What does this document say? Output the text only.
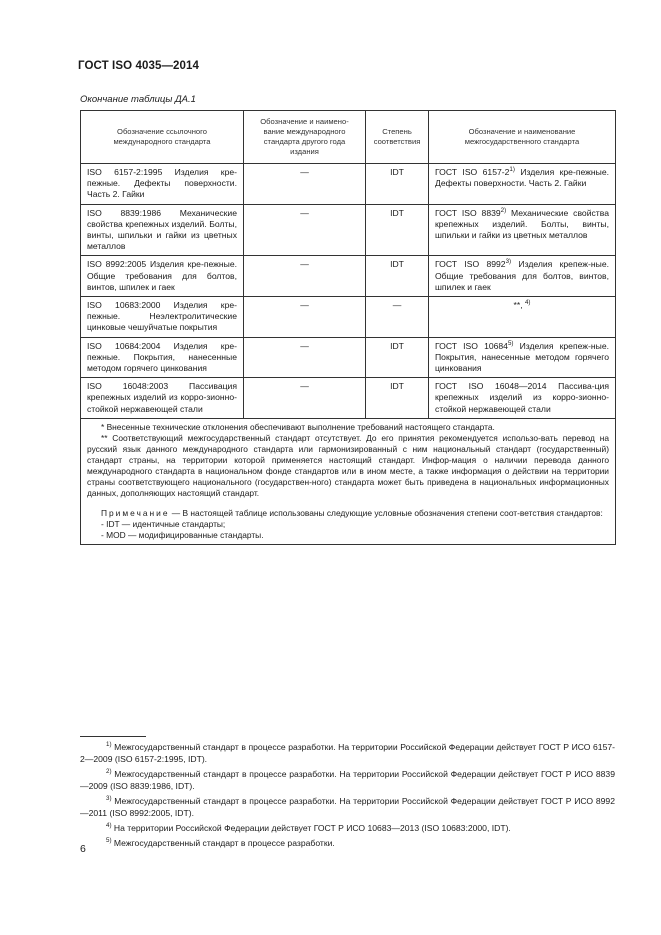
ГОСТ ISO 4035—2014
Окончание таблицы ДА.1
Обозначение ссылочного международного стандарта	Обозначение и наимено-вание международного стандарта другого года издания	Степень соответствия	Обозначение и наименование межгосударственного стандарта
ISO 6157-2:1995 Изделия кре-пежные. Дефекты поверхности. Часть 2. Гайки	—	IDT	ГОСТ ISO 6157-2$^{1)}$ Изделия кре-пежные. Дефекты поверхности. Часть 2. Гайки
ISO 8839:1986 Механические свойства крепежных изделий. Болты, винты, шпильки и гайки из цветных металлов	—	IDT	ГОСТ ISO 8839$^{2)}$ Механические свойства крепежных изделий. Болты, винты, шпильки и гайки из цветных металлов
ISO 8992:2005 Изделия кре-пежные. Общие требования для болтов, винтов, шпилек и гаек	—	IDT	ГОСТ ISO 8992$^{3)}$ Изделия крепеж-ные. Общие требования для болтов, винтов, шпилек и гаек
ISO 10683:2000 Изделия кре-пежные. Неэлектролитические цинковые чешуйчатые покрытия	—	—	**, $^{4)}$
ISO 10684:2004 Изделия кре-пежные. Покрытия, нанесенные методом горячего цинкования	—	IDT	ГОСТ ISO 10684$^{5)}$ Изделия крепеж-ные. Покрытия, нанесенные методом горячего цинкования
ISO 16048:2003 Пассивация крепежных изделий из корро-зионно-стойкой нержавеющей стали	—	IDT	ГОСТ ISO 16048—2014 Пассива-ция крепежных изделий из корро-зионно-стойкой нержавеющей стали

* Внесенные технические отклонения обеспечивают выполнение требований настоящего стандарта.

** Соответствующий межгосударственный стандарт отсутствует. До его принятия рекомендуется использо-вать перевод на русский язык данного международного стандарта или гармонизированный с ним национальный стандарт (государственный) стандарт страны, на территории которой применяется настоящий стандарт. Инфор-мация о наличии перевода данного международного стандарта в национальном фонде стандартов или в ином месте, а также информация о действии на территории страны соответствующего национального (государствен-ного) стандарта может быть приведена в национальных информационных данных, дополняющих настоящий стандарт.

Примечание — В настоящей таблице использованы следующие условные обозначения степени соот-ветствия стандартов:

- IDT — идентичные стандарты;

- MOD — модифицированные стандарты.			

$^{1)}$ Межгосударственный стандарт в процессе разработки. На территории Российской Федерации действует ГОСТ Р ИСО 6157-2—2009 (ISO 6157-2:1995, IDT).

$^{2)}$ Межгосударственный стандарт в процессе разработки. На территории Российской Федерации действует ГОСТ Р ИСО 8839—2009 (ISO 8839:1986, IDT).

$^{3)}$ Межгосударственный стандарт в процессе разработки. На территории Российской Федерации действует ГОСТ Р ИСО 8992—2011 (ISO 8992:2005, IDT).

$^{4)}$ На территории Российской Федерации действует ГОСТ Р ИСО 10683—2013 (ISO 10683:2000, IDT).

$^{5)}$ Межгосударственный стандарт в процессе разработки.

6
